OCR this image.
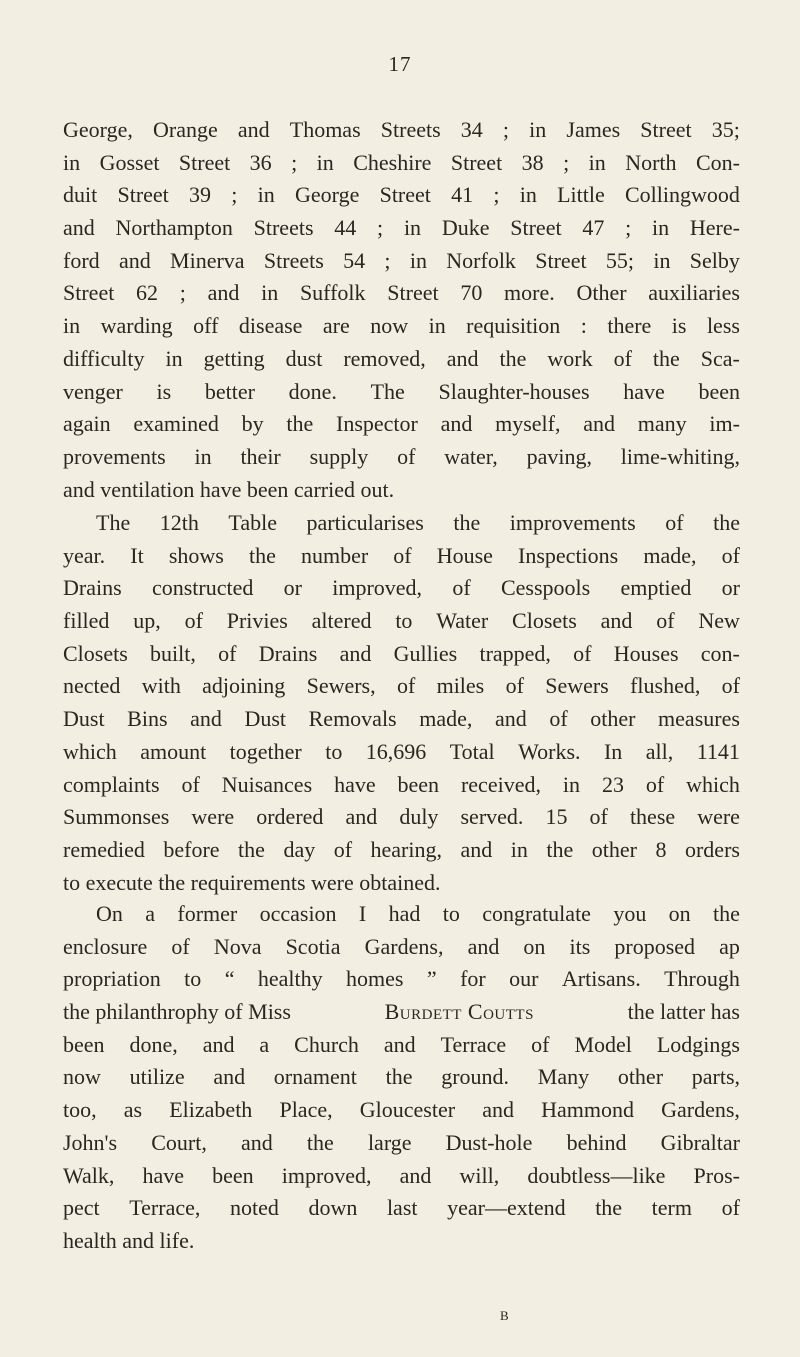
17
George, Orange and Thomas Streets 34 ; in James Street 35;
in Gosset Street 36 ; in Cheshire Street 38 ; in North Con-
duit Street 39 ; in George Street 41 ; in Little Collingwood
and Northampton Streets 44 ; in Duke Street 47 ; in Here-
ford and Minerva Streets 54 ; in Norfolk Street 55; in Selby
Street 62 ; and in Suffolk Street 70 more. Other auxiliaries
in warding off disease are now in requisition : there is less
difficulty in getting dust removed, and the work of the Sca-
venger is better done. The Slaughter-houses have been
again examined by the Inspector and myself, and many im-
provements in their supply of water, paving, lime-whiting,
and ventilation have been carried out.
The 12th Table particularises the improvements of the
year. It shows the number of House Inspections made, of
Drains constructed or improved, of Cesspools emptied or
filled up, of Privies altered to Water Closets and of New
Closets built, of Drains and Gullies trapped, of Houses con-
nected with adjoining Sewers, of miles of Sewers flushed, of
Dust Bins and Dust Removals made, and of other measures
which amount together to 16,696 Total Works. In all, 1141
complaints of Nuisances have been received, in 23 of which
Summonses were ordered and duly served. 15 of these were
remedied before the day of hearing, and in the other 8 orders
to execute the requirements were obtained.
On a former occasion I had to congratulate you on the
enclosure of Nova Scotia Gardens, and on its proposed ap
propriation to “ healthy homes ” for our Artisans. Through
the philanthrophy of Miss	Burdett Coutts	the latter has
been done, and a Church and Terrace of Model Lodgings
now utilize and ornament the ground. Many other parts,
too, as Elizabeth Place, Gloucester and Hammond Gardens,
John's Court, and the large Dust-hole behind Gibraltar
Walk, have been improved, and will, doubtless—like Pros-
pect Terrace, noted down last year—extend the term of
health and life.
B
